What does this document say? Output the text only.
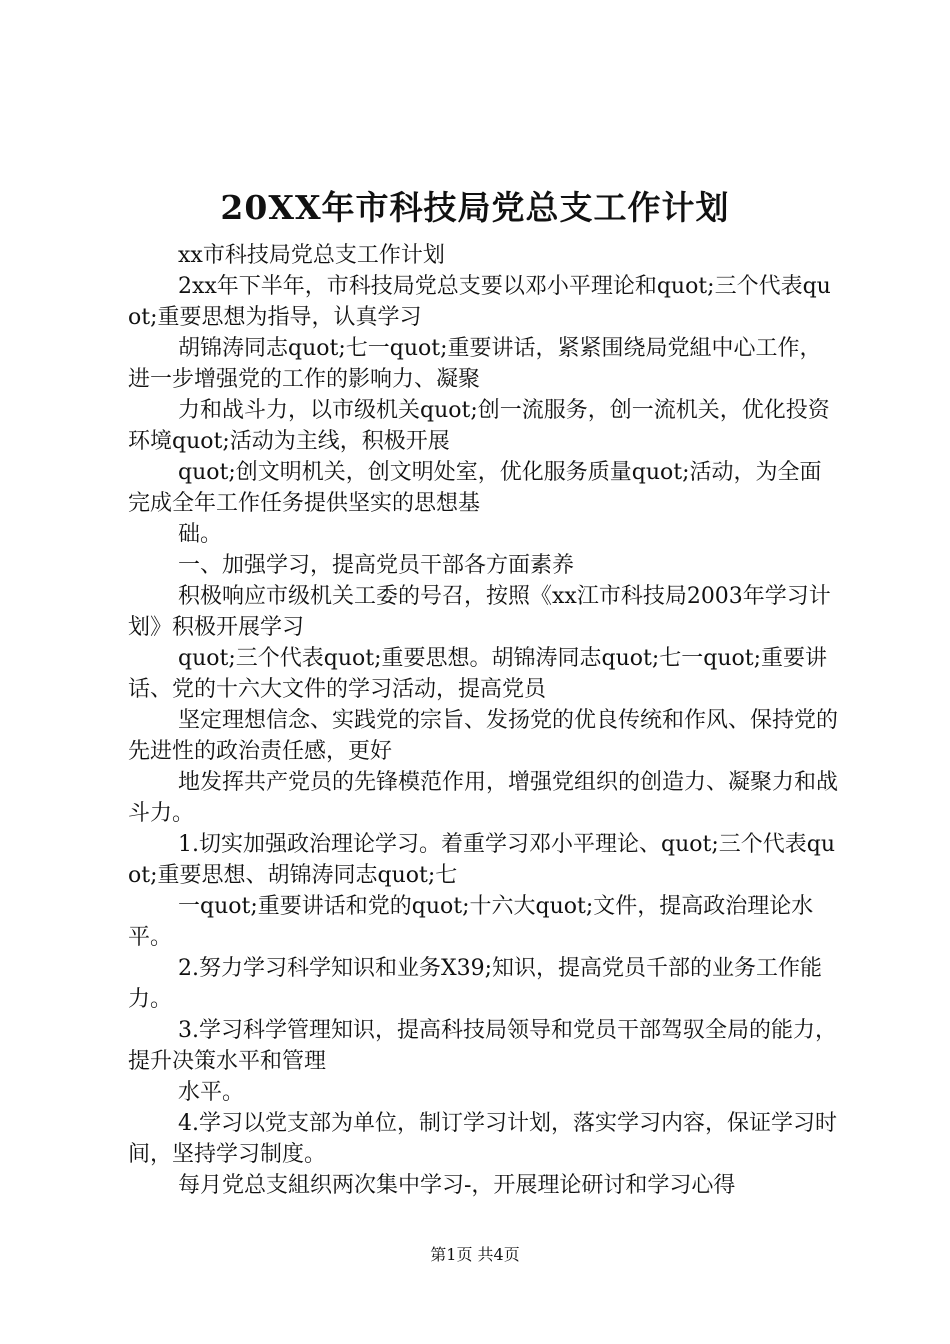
20XX年市科技局党总支工作计划

xx市科技局党总支工作计划

2xx年下半年，市科技局党总支要以邓小平理论和quot;三个代表quot;重要思想为指导，认真学习

胡锦涛同志quot;七一quot;重要讲话，紧紧围绕局党組中心工作，进一步增强党的工作的影响力、凝聚

力和战斗力，以市级机关quot;创一流服务，创一流机关，优化投资环境quot;活动为主线，积极开展

quot;创文明机关，创文明处室，优化服务质量quot;活动，为全面完成全年工作任务提供坚实的思想基

础。

一、加强学习，提高党员干部各方面素养

积极响应市级机关工委的号召，按照《xx江市科技局2003年学习计划》积极开展学习

quot;三个代表quot;重要思想。胡锦涛同志quot;七一quot;重要讲话、党的十六大文件的学习活动，提高党员

坚定理想信念、实践党的宗旨、发扬党的优良传统和作风、保持党的先进性的政治责任感，更好

地发挥共产党员的先锋模范作用，增强党组织的创造力、凝聚力和战斗力。

1.切实加强政治理论学习。着重学习邓小平理论、quot;三个代表quot;重要思想、胡锦涛同志quot;七

一quot;重要讲话和党的quot;十六大quot;文件，提高政治理论水平。

2.努力学习科学知识和业务X39;知识，提高党员千部的业务工作能力。

3.学习科学管理知识，提高科技局领导和党员干部驾驭全局的能力，提升决策水平和管理

水平。

4.学习以党支部为单位，制订学习计划，落实学习内容，保证学习时间，坚持学习制度。

每月党总支組织两次集中学习-，开展理论研讨和学习心得

第1页 共4页
